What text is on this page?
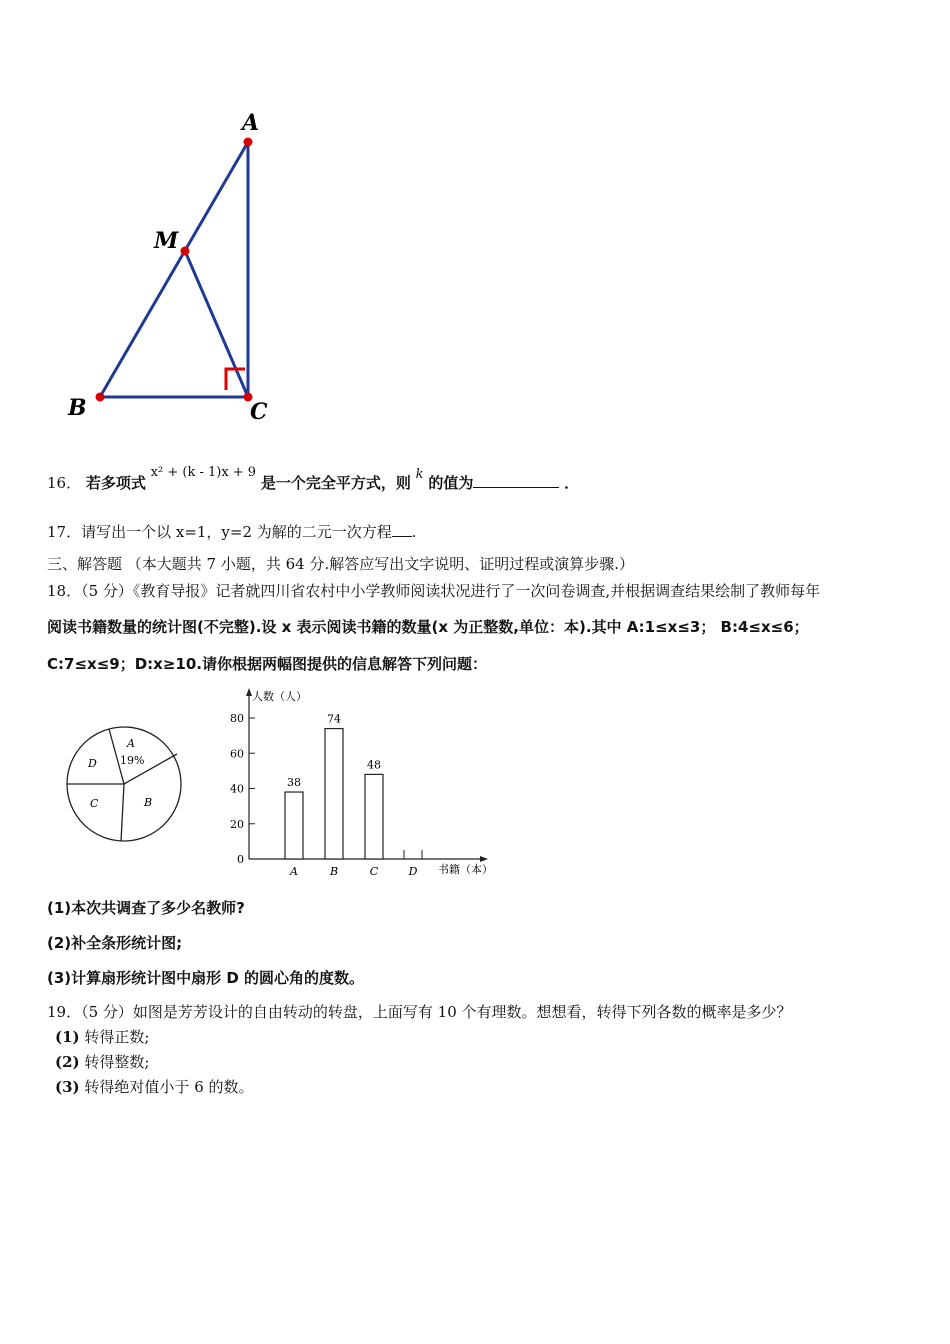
A
M
B	C
16． 若多项式 x² + (k - 1)x + 9 是一个完全平方式，则 k 的值为	．
17．请写出一个以 x=1，y=2 为解的二元一次方程 .
三、解答题 （本大题共 7 小题，共 64 分.解答应写出文字说明、证明过程或演算步骤.）
18．（5 分）《教育导报》记者就四川省农村中小学教师阅读状况进行了一次问卷调查,并根据调查结果绘制了教师每年
阅读书籍数量的统计图(不完整).设 x 表示阅读书籍的数量(x 为正整数,单位：本).其中 A:1≤x≤3； B:4≤x≤6；
C:7≤x≤9；D:x≥10.请你根据两幅图提供的信息解答下列问题：
A
19%
B
C
D
人数（人）
书籍（本）
0
20
40
60
80
A
38
B
74
C
48
D
(1)本次共调查了多少名教师?
(2)补全条形统计图;
(3)计算扇形统计图中扇形 D 的圆心角的度数。
19．（5 分）如图是芳芳设计的自由转动的转盘，上面写有 10 个有理数。想想看，转得下列各数的概率是多少？
(1) 转得正数;
(2) 转得整数;
(3) 转得绝对值小于 6 的数。
